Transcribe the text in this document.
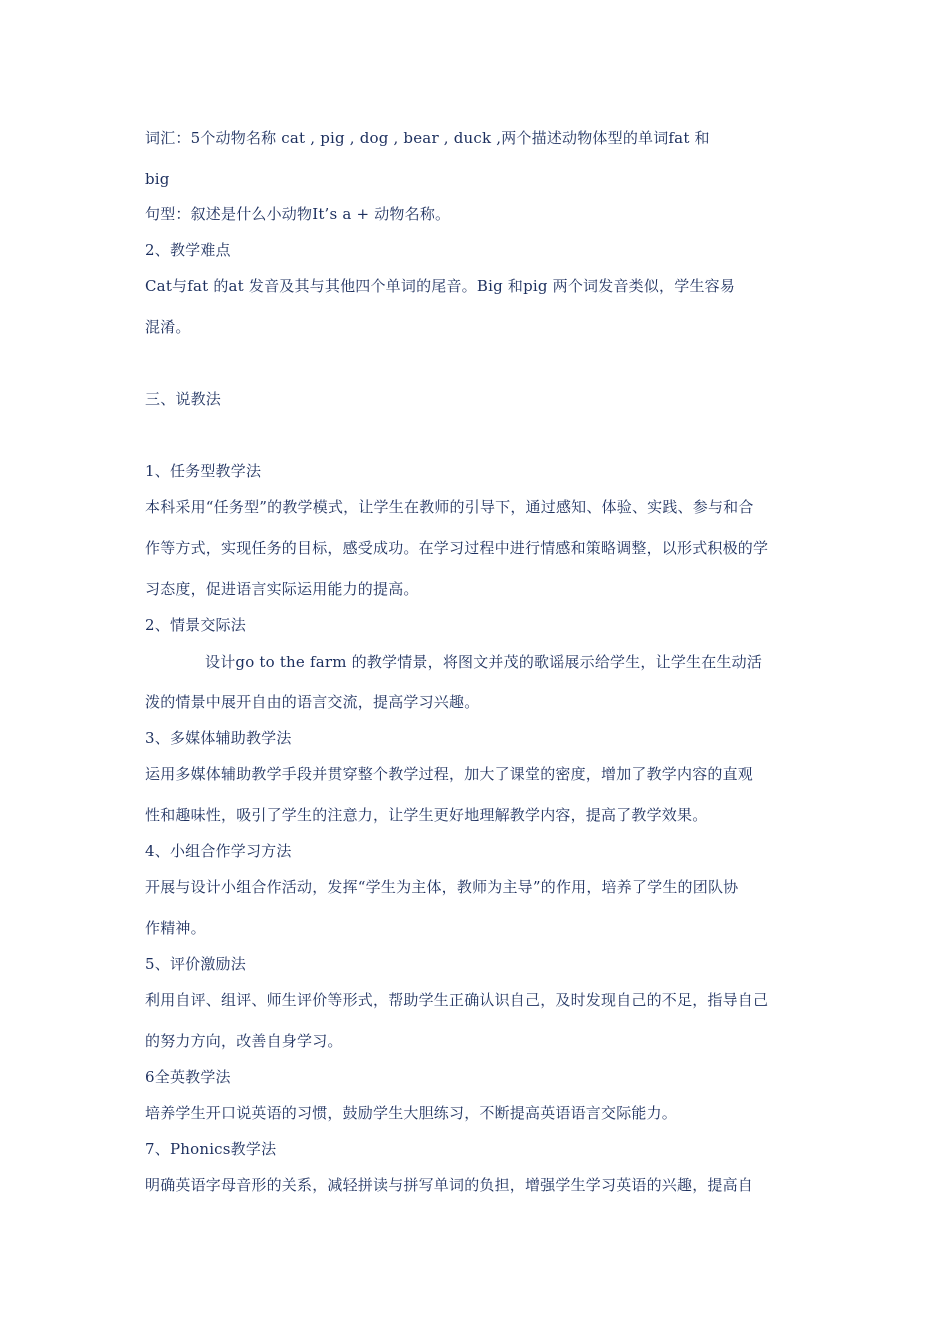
词汇：5个动物名称 cat , pig , dog , bear , duck ,两个描述动物体型的单词fat 和
big
句型：叙述是什么小动物It’s a + 动物名称。
2、教学难点
Cat与fat 的at 发音及其与其他四个单词的尾音。Big 和pig 两个词发音类似，学生容易
混淆。
三、说教法
1、任务型教学法
本科采用“任务型”的教学模式，让学生在教师的引导下，通过感知、体验、实践、参与和合
作等方式，实现任务的目标，感受成功。在学习过程中进行情感和策略调整，以形式积极的学
习态度，促进语言实际运用能力的提高。
2、情景交际法
设计go to the farm 的教学情景，将图文并茂的歌谣展示给学生，让学生在生动活
泼的情景中展开自由的语言交流，提高学习兴趣。
3、多媒体辅助教学法
运用多媒体辅助教学手段并贯穿整个教学过程，加大了课堂的密度，增加了教学内容的直观
性和趣味性，吸引了学生的注意力，让学生更好地理解教学内容，提高了教学效果。
4、小组合作学习方法
开展与设计小组合作活动，发挥“学生为主体，教师为主导”的作用，培养了学生的团队协
作精神。
5、评价激励法
利用自评、组评、师生评价等形式，帮助学生正确认识自己，及时发现自己的不足，指导自己
的努力方向，改善自身学习。
6全英教学法
培养学生开口说英语的习惯，鼓励学生大胆练习，不断提高英语语言交际能力。
7、Phonics教学法
明确英语字母音形的关系，减轻拼读与拼写单词的负担，增强学生学习英语的兴趣，提高自
